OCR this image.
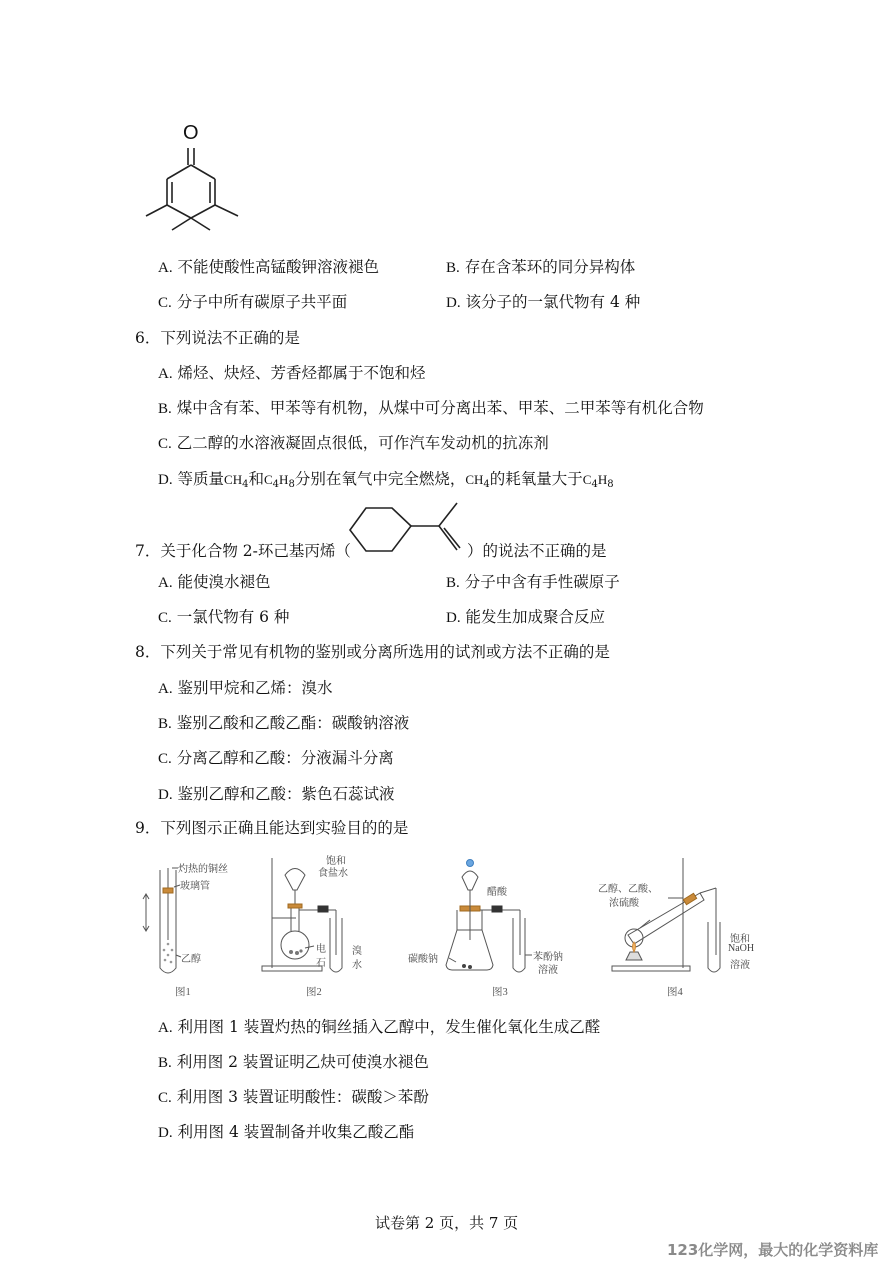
O
A. 不能使酸性高锰酸钾溶液褪色	B. 存在含苯环的同分异构体
C. 分子中所有碳原子共平面	D. 该分子的一氯代物有 4 种
6．下列说法不正确的是
A. 烯烃、炔烃、芳香烃都属于不饱和烃
B. 煤中含有苯、甲苯等有机物，从煤中可分离出苯、甲苯、二甲苯等有机化合物
C. 乙二醇的水溶液凝固点很低，可作汽车发动机的抗冻剂
D. 等质量$CH_4$和$C_4H_8$分别在氧气中完全燃烧，$CH_4$的耗氧量大于$C_4H_8$
7．关于化合物 2-环己基丙烯（	）的说法不正确的是
A. 能使溴水褪色	B. 分子中含有手性碳原子
C. 一氯代物有 6 种	D. 能发生加成聚合反应
8．下列关于常见有机物的鉴别或分离所选用的试剂或方法不正确的是
A. 鉴别甲烷和乙烯：溴水
B. 鉴别乙酸和乙酸乙酯：碳酸钠溶液
C. 分离乙醇和乙酸：分液漏斗分离
D. 鉴别乙醇和乙酸：紫色石蕊试液
9．下列图示正确且能达到实验目的的是
灼热的铜丝
玻璃管
乙醇
图1
饱和
食盐水
电
石
溴
水
图2
醋酸
碳酸钠	苯酚钠
溶液
图3
乙醇、乙酸、
浓硫酸
饱和
NaOH
溶液
图4
A. 利用图 1 装置灼热的铜丝插入乙醇中，发生催化氧化生成乙醛
B. 利用图 2 装置证明乙炔可使溴水褪色
C. 利用图 3 装置证明酸性：碳酸＞苯酚
D. 利用图 4 装置制备并收集乙酸乙酯
试卷第 2 页，共 7 页
123化学网，最大的化学资料库
